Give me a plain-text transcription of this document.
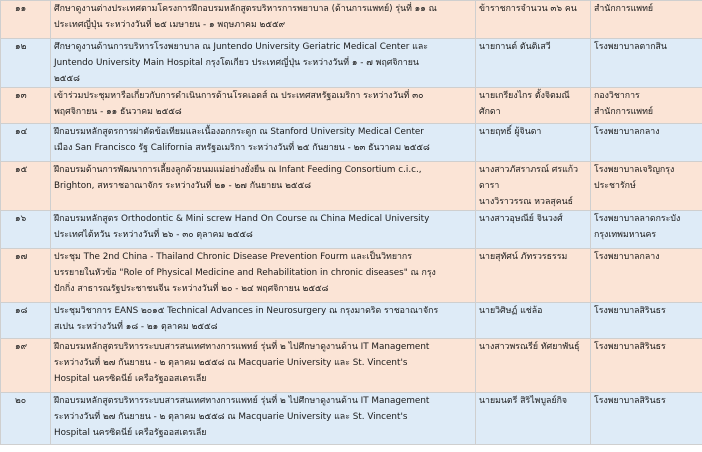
๑๑	ศึกษาดูงานต่างประเทศตามโครงการฝึกอบรมหลักสูตรบริหารการพยาบาล (ด้านการแพทย์) รุ่นที่ ๑๑ ณ
ประเทศญี่ปุ่น ระหว่างวันที่ ๒๕ เมษายน - ๑ พฤษภาคม ๒๕๕๙	ข้าราชการจำนวน ๓๖ คน	สำนักการแพทย์

๑๒	ศึกษาดูงานด้านการบริหารโรงพยาบาล ณ Juntendo University Geriatric Medical Center และ
Juntendo University Main Hospital กรุงโตเกียว ประเทศญี่ปุ่น ระหว่างวันที่ ๑ - ๗ พฤศจิกายน
๒๕๕๘	นายกานต์ ตันติเสวี	โรงพยาบาลตากสิน

๑๓	เข้าร่วมประชุมหารือเกี่ยวกับการดำเนินการด้านโรคเอดส์ ณ ประเทศสหรัฐอเมริกา ระหว่างวันที่ ๓๐
พฤศจิกายน - ๑๑ ธันวาคม ๒๕๕๘	นายเกรียงไกร ตั้งจิตมณีศักดา	กองวิชาการ
สำนักการแพทย์

๑๔	ฝึกอบรมหลักสูตรการผ่าตัดข้อเทียมและเนื้องอกกระดูก ณ Stanford University Medical Center
เมือง San Francisco รัฐ California สหรัฐอเมริกา ระหว่างวันที่ ๒๕ กันยายน - ๒๓ ธันวาคม ๒๕๕๘	นายฤทธิ์ ผู้จินดา	โรงพยาบาลกลาง

๑๕	ฝึกอบรมด้านการพัฒนาการเลี้ยงลูกด้วยนมแม่อย่างยั่งยืน ณ Infant Feeding Consortium c.i.c.,
Brighton, สหราชอาณาจักร ระหว่างวันที่ ๒๑ - ๒๗ กันยายน ๒๕๕๘	นางสาวภัสราภรณ์ ศรแก้วดารา
นางวิราวรรณ หวลสุคนธ์	โรงพยาบาลเจริญกรุง
ประชารักษ์

๑๖	ฝึกอบรมหลักสูตร Orthodontic & Mini screw Hand On Course ณ China Medical University
ประเทศไต้หวัน ระหว่างวันที่ ๒๖ - ๓๐ ตุลาคม ๒๕๕๘	นางสาวอุษณีย์ จินวงศ์	โรงพยาบาลลาดกระบัง
กรุงเทพมหานคร

๑๗	ประชุม The 2nd China - Thailand Chronic Disease Prevention Fourm และเป็นวิทยากร
บรรยายในหัวข้อ "Role of Physical Medicine and Rehabilitation in chronic diseases" ณ กรุง
ปักกิ่ง สาธารณรัฐประชาชนจีน ระหว่างวันที่ ๒๐ - ๒๔ พฤศจิกายน ๒๕๕๘	นายสุทัศน์ ภัทรวรธรรม	โรงพยาบาลกลาง

๑๘	ประชุมวิชาการ EANS ๒๐๑๕ Technical Advances in Neurosurgery ณ กรุงมาดริด ราชอาณาจักร
สเปน ระหว่างวันที่ ๑๘ - ๒๑ ตุลาคม ๒๕๕๘	นายวิศิษฏ์ แช่ล้อ	โรงพยาบาลสิรินธร

๑๙	ฝึกอบรมหลักสูตรบริหารระบบสารสนเทศทางการแพทย์ รุ่นที่ ๒ ไปศึกษาดูงานด้าน IT Management
ระหว่างวันที่ ๒๗ กันยายน - ๒ ตุลาคม ๒๕๕๘ ณ Macquarie University และ St. Vincent's
Hospital นครซิดนีย์ เครือรัฐออสเตรเลีย	นางสาวพรณรีย์ ทัศยาพันธุ์	โรงพยาบาลสิรินธร

๒๐	ฝึกอบรมหลักสูตรบริหารระบบสารสนเทศทางการแพทย์ รุ่นที่ ๒ ไปศึกษาดูงานด้าน IT Management
ระหว่างวันที่ ๒๗ กันยายน - ๒ ตุลาคม ๒๕๕๘ ณ Macquarie University และ St. Vincent's
Hospital นครซิดนีย์ เครือรัฐออสเตรเลีย	นายมนตรี สิริไพบูลย์กิจ	โรงพยาบาลสิรินธร
